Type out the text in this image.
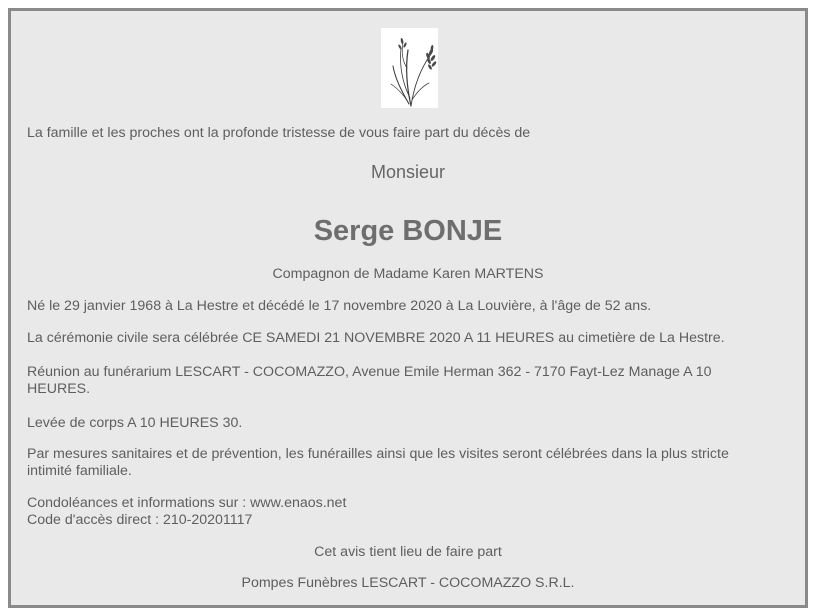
La famille et les proches ont la profonde tristesse de vous faire part du décès de

Monsieur

Serge BONJE

Compagnon de Madame Karen MARTENS

Né le 29 janvier 1968 à La Hestre et décédé le 17 novembre 2020 à La Louvière, à l'âge de 52 ans.

La cérémonie civile sera célébrée CE SAMEDI 21 NOVEMBRE 2020 A 11 HEURES au cimetière de La Hestre.

Réunion au funérarium LESCART - COCOMAZZO, Avenue Emile Herman 362 - 7170 Fayt-Lez Manage A 10

HEURES.

Levée de corps A 10 HEURES 30.

Par mesures sanitaires et de prévention, les funérailles ainsi que les visites seront célébrées dans la plus stricte

intimité familiale.

Condoléances et informations sur : www.enaos.net

Code d'accès direct : 210-20201117

Cet avis tient lieu de faire part

Pompes Funèbres LESCART - COCOMAZZO S.R.L.
